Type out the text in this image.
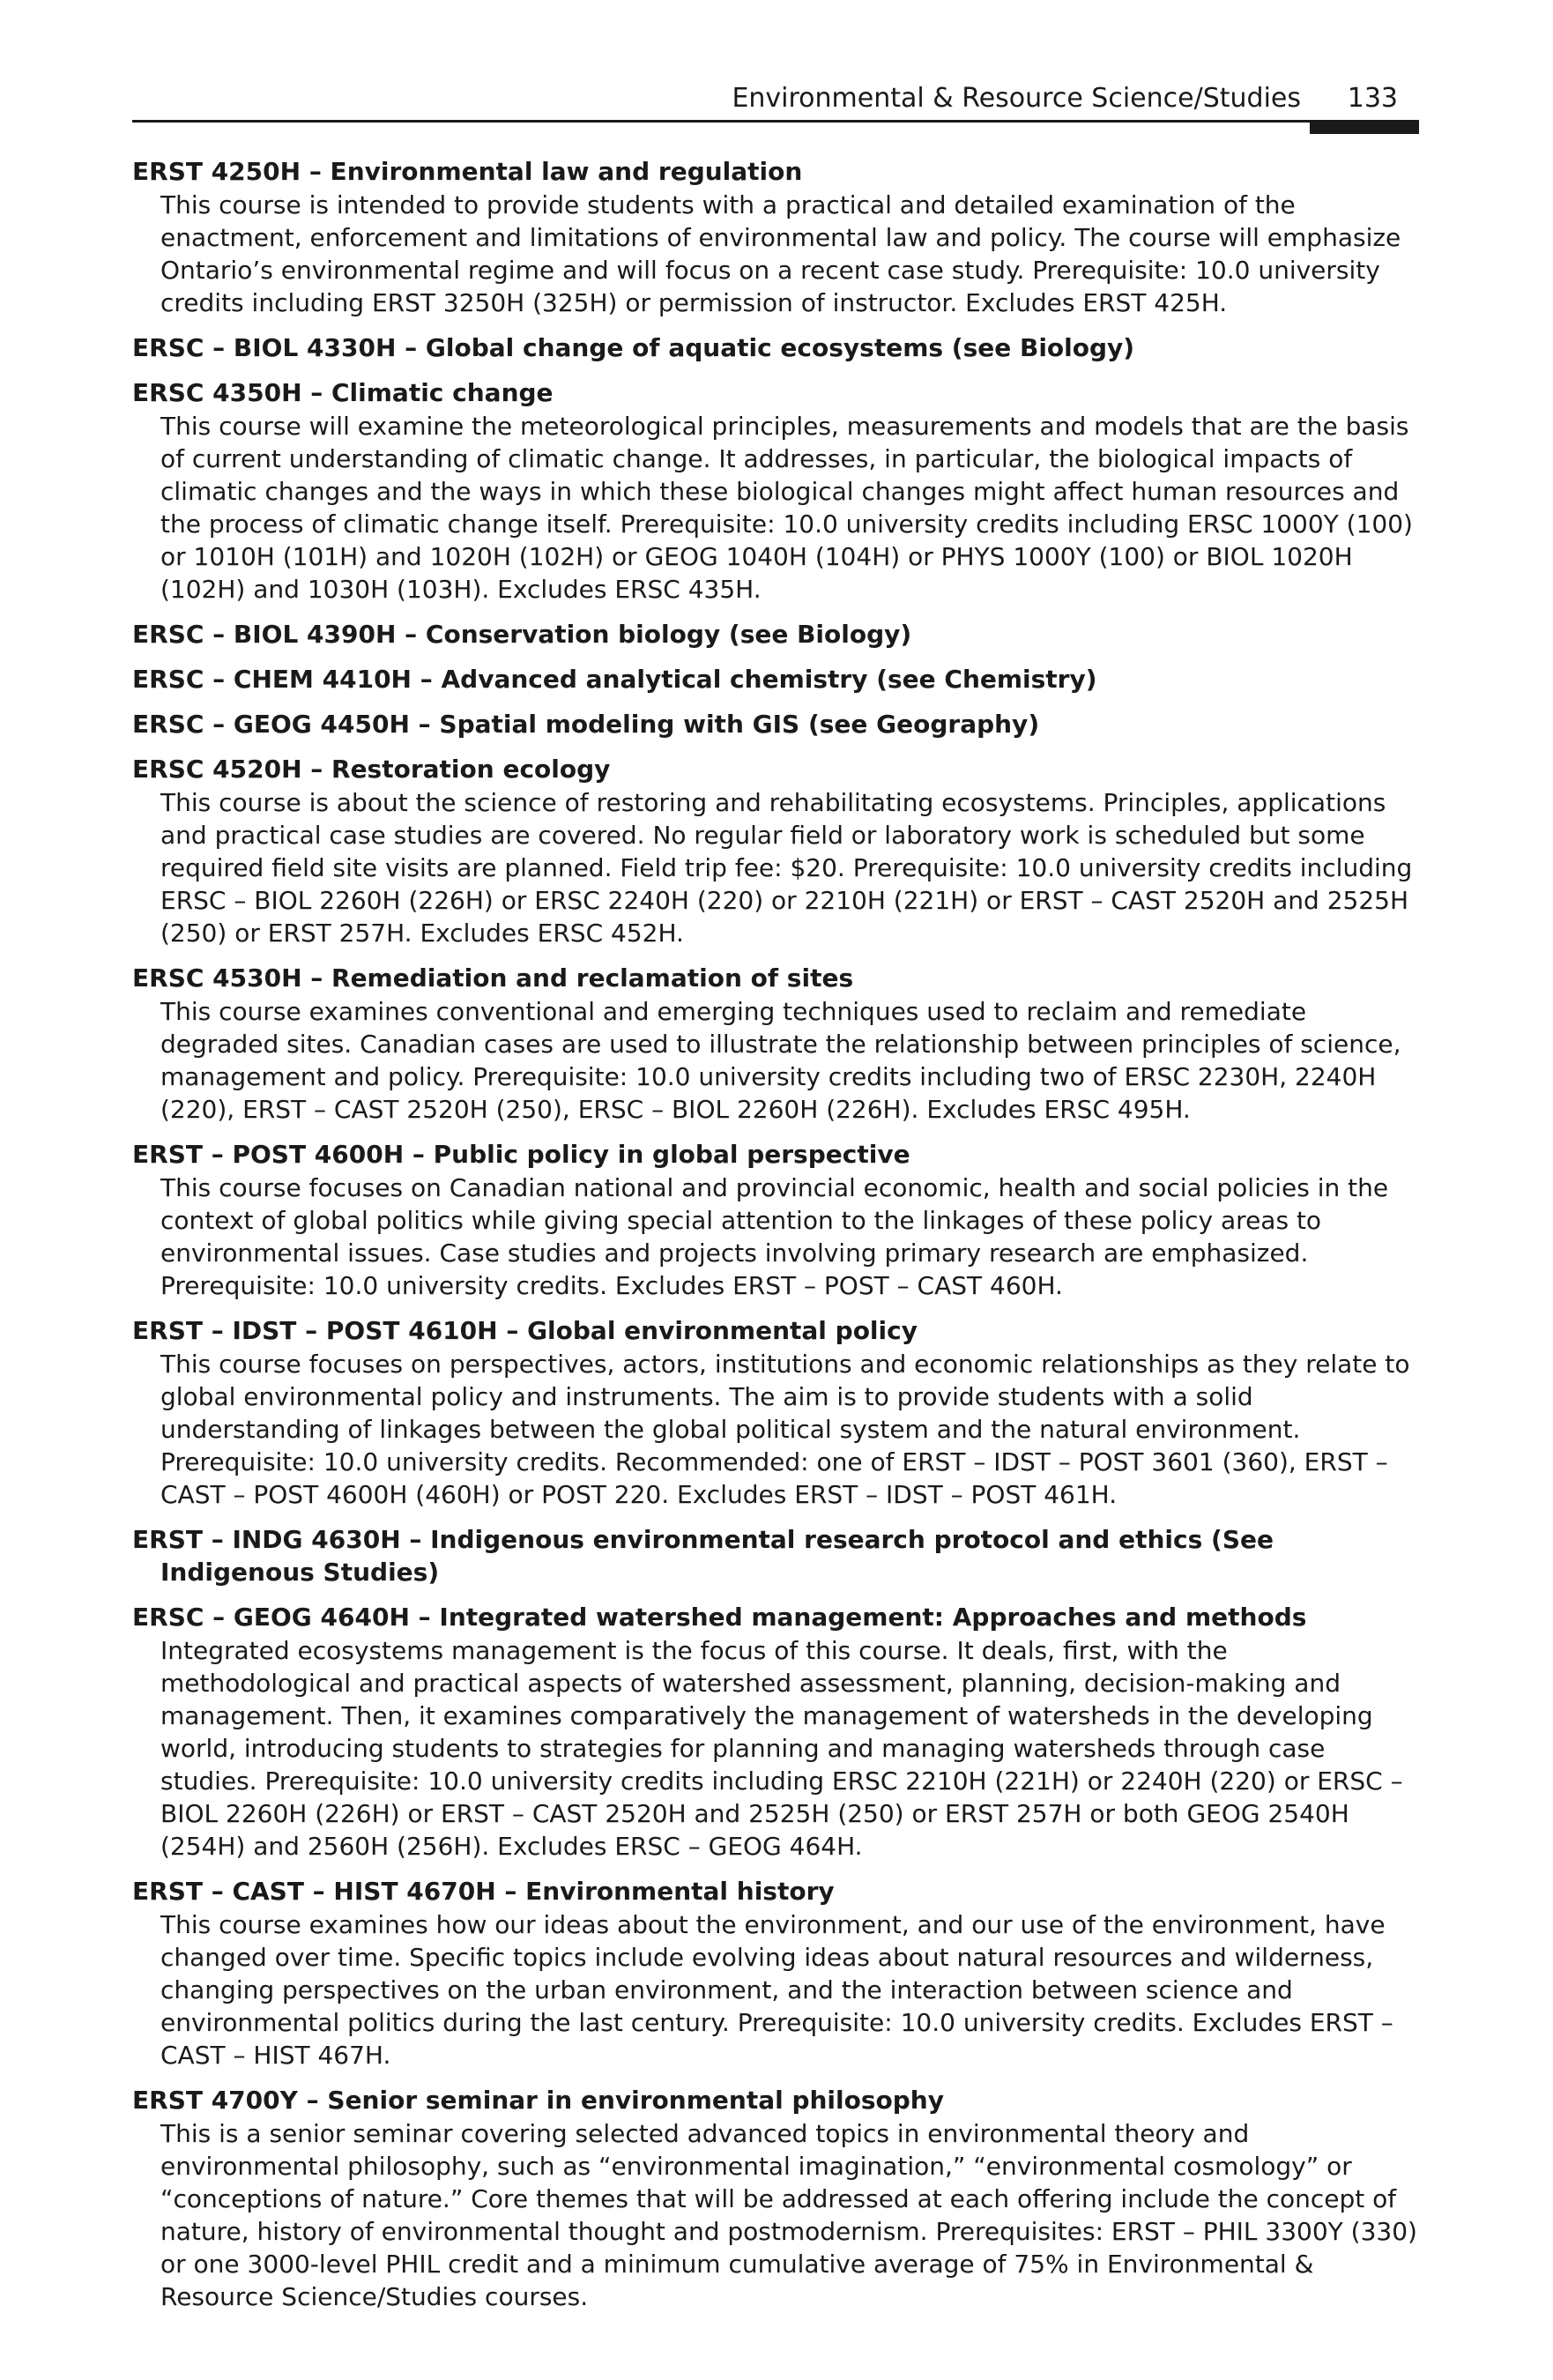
Environmental & Resource Science/Studies 133
ERST 4250H – Environmental law and regulation
This course is intended to provide students with a practical and detailed examination of the enactment, enforcement and limitations of environmental law and policy. The course will emphasize Ontario’s environmental regime and will focus on a recent case study. Prerequisite: 10.0 university credits including ERST 3250H (325H) or permission of instructor. Excludes ERST 425H.
ERSC – BIOL 4330H – Global change of aquatic ecosystems (see Biology)
ERSC 4350H – Climatic change
This course will examine the meteorological principles, measurements and models that are the basis of current understanding of climatic change. It addresses, in particular, the biological impacts of climatic changes and the ways in which these biological changes might affect human resources and the process of climatic change itself. Prerequisite: 10.0 university credits including ERSC 1000Y (100) or 1010H (101H) and 1020H (102H) or GEOG 1040H (104H) or PHYS 1000Y (100) or BIOL 1020H (102H) and 1030H (103H). Excludes ERSC 435H.
ERSC – BIOL 4390H – Conservation biology (see Biology)
ERSC – CHEM 4410H – Advanced analytical chemistry (see Chemistry)
ERSC – GEOG 4450H – Spatial modeling with GIS (see Geography)
ERSC 4520H – Restoration ecology
This course is about the science of restoring and rehabilitating ecosystems. Principles, applications and practical case studies are covered. No regular field or laboratory work is scheduled but some required field site visits are planned. Field trip fee: $20. Prerequisite: 10.0 university credits including ERSC – BIOL 2260H (226H) or ERSC 2240H (220) or 2210H (221H) or ERST – CAST 2520H and 2525H (250) or ERST 257H. Excludes ERSC 452H.
ERSC 4530H – Remediation and reclamation of sites
This course examines conventional and emerging techniques used to reclaim and remediate degraded sites. Canadian cases are used to illustrate the relationship between principles of science, management and policy. Prerequisite: 10.0 university credits including two of ERSC 2230H, 2240H (220), ERST – CAST 2520H (250), ERSC – BIOL 2260H (226H). Excludes ERSC 495H.
ERST – POST 4600H – Public policy in global perspective
This course focuses on Canadian national and provincial economic, health and social policies in the context of global politics while giving special attention to the linkages of these policy areas to environmental issues. Case studies and projects involving primary research are emphasized. Prerequisite: 10.0 university credits. Excludes ERST – POST – CAST 460H.
ERST – IDST – POST 4610H – Global environmental policy
This course focuses on perspectives, actors, institutions and economic relationships as they relate to global environmental policy and instruments. The aim is to provide students with a solid understanding of linkages between the global political system and the natural environment. Prerequisite: 10.0 university credits. Recommended: one of ERST – IDST – POST 3601 (360), ERST – CAST – POST 4600H (460H) or POST 220. Excludes ERST – IDST – POST 461H.
ERST – INDG 4630H – Indigenous environmental research protocol and ethics (See Indigenous Studies)
ERSC – GEOG 4640H – Integrated watershed management: Approaches and methods
Integrated ecosystems management is the focus of this course. It deals, first, with the methodological and practical aspects of watershed assessment, planning, decision-making and management. Then, it examines comparatively the management of watersheds in the developing world, introducing students to strategies for planning and managing watersheds through case studies. Prerequisite: 10.0 university credits including ERSC 2210H (221H) or 2240H (220) or ERSC – BIOL 2260H (226H) or ERST – CAST 2520H and 2525H (250) or ERST 257H or both GEOG 2540H (254H) and 2560H (256H). Excludes ERSC – GEOG 464H.
ERST – CAST – HIST 4670H – Environmental history
This course examines how our ideas about the environment, and our use of the environment, have changed over time. Specific topics include evolving ideas about natural resources and wilderness, changing perspectives on the urban environment, and the interaction between science and environmental politics during the last century. Prerequisite: 10.0 university credits. Excludes ERST – CAST – HIST 467H.
ERST 4700Y – Senior seminar in environmental philosophy
This is a senior seminar covering selected advanced topics in environmental theory and environmental philosophy, such as “environmental imagination,” “environmental cosmology” or “conceptions of nature.” Core themes that will be addressed at each offering include the concept of nature, history of environmental thought and postmodernism. Prerequisites: ERST – PHIL 3300Y (330) or one 3000-level PHIL credit and a minimum cumulative average of 75% in Environmental & Resource Science/Studies courses.
